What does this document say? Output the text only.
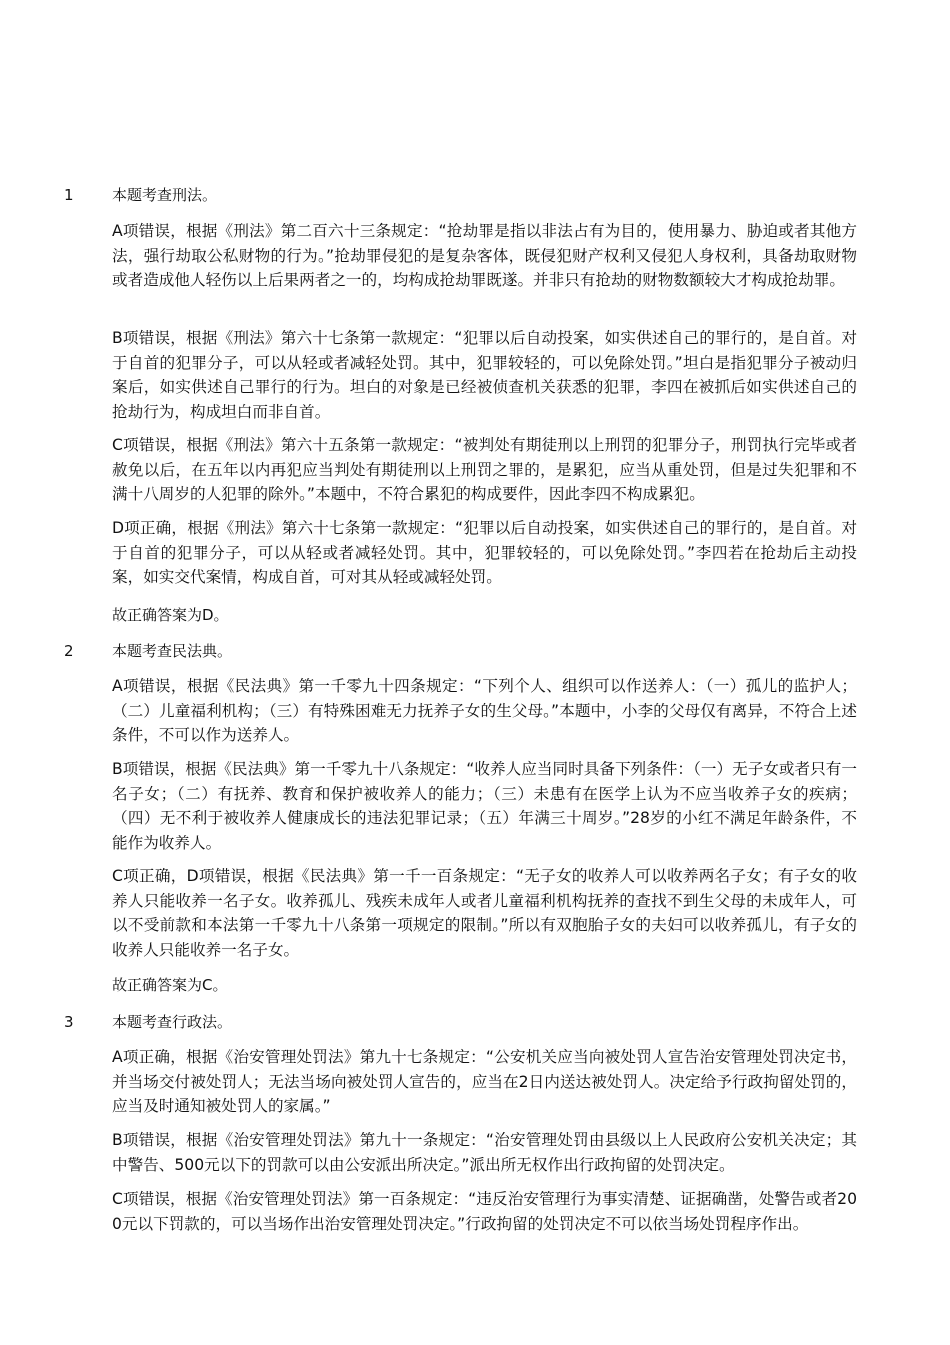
1	本题考查刑法。

A项错误，根据《刑法》第二百六十三条规定：“抢劫罪是指以非法占有为目的，使用暴力、胁迫或者其他方法，强行劫取公私财物的行为。”抢劫罪侵犯的是复杂客体，既侵犯财产权利又侵犯人身权利，具备劫取财物或者造成他人轻伤以上后果两者之一的，均构成抢劫罪既遂。并非只有抢劫的财物数额较大才构成抢劫罪。

B项错误，根据《刑法》第六十七条第一款规定：“犯罪以后自动投案，如实供述自己的罪行的，是自首。对于自首的犯罪分子，可以从轻或者减轻处罚。其中，犯罪较轻的，可以免除处罚。”坦白是指犯罪分子被动归案后，如实供述自己罪行的行为。坦白的对象是已经被侦查机关获悉的犯罪，李四在被抓后如实供述自己的抢劫行为，构成坦白而非自首。

C项错误，根据《刑法》第六十五条第一款规定：“被判处有期徒刑以上刑罚的犯罪分子，刑罚执行完毕或者赦免以后，在五年以内再犯应当判处有期徒刑以上刑罚之罪的，是累犯，应当从重处罚，但是过失犯罪和不满十八周岁的人犯罪的除外。”本题中，不符合累犯的构成要件，因此李四不构成累犯。

D项正确，根据《刑法》第六十七条第一款规定：“犯罪以后自动投案，如实供述自己的罪行的，是自首。对于自首的犯罪分子，可以从轻或者减轻处罚。其中，犯罪较轻的，可以免除处罚。”李四若在抢劫后主动投案，如实交代案情，构成自首，可对其从轻或减轻处罚。

故正确答案为D。
2	本题考查民法典。

A项错误，根据《民法典》第一千零九十四条规定：“下列个人、组织可以作送养人：（一）孤儿的监护人；（二）儿童福利机构；（三）有特殊困难无力抚养子女的生父母。”本题中，小李的父母仅有离异，不符合上述条件，不可以作为送养人。

B项错误，根据《民法典》第一千零九十八条规定：“收养人应当同时具备下列条件：（一）无子女或者只有一名子女；（二）有抚养、教育和保护被收养人的能力；（三）未患有在医学上认为不应当收养子女的疾病；（四）无不利于被收养人健康成长的违法犯罪记录；（五）年满三十周岁。”28岁的小红不满足年龄条件，不能作为收养人。

C项正确，D项错误，根据《民法典》第一千一百条规定：“无子女的收养人可以收养两名子女；有子女的收养人只能收养一名子女。收养孤儿、残疾未成年人或者儿童福利机构抚养的查找不到生父母的未成年人，可以不受前款和本法第一千零九十八条第一项规定的限制。”所以有双胞胎子女的夫妇可以收养孤儿，有子女的收养人只能收养一名子女。

故正确答案为C。
3	本题考查行政法。

A项正确，根据《治安管理处罚法》第九十七条规定：“公安机关应当向被处罚人宣告治安管理处罚决定书，并当场交付被处罚人；无法当场向被处罚人宣告的，应当在2日内送达被处罚人。决定给予行政拘留处罚的，应当及时通知被处罚人的家属。”

B项错误，根据《治安管理处罚法》第九十一条规定：“治安管理处罚由县级以上人民政府公安机关决定；其中警告、500元以下的罚款可以由公安派出所决定。”派出所无权作出行政拘留的处罚决定。

C项错误，根据《治安管理处罚法》第一百条规定：“违反治安管理行为事实清楚、证据确凿，处警告或者200元以下罚款的，可以当场作出治安管理处罚决定。”行政拘留的处罚决定不可以依当场处罚程序作出。
